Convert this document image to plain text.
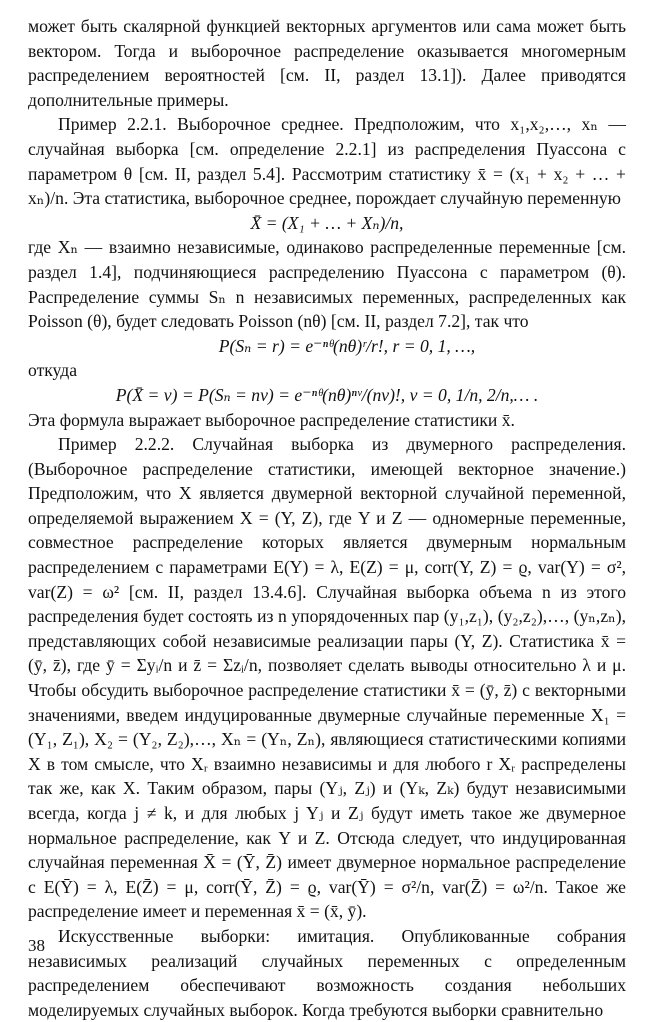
может быть скалярной функцией векторных аргументов или сама может быть вектором. Тогда и выборочное распределение оказывается многомерным распределением вероятностей [см. II, раздел 13.1]). Далее приводятся дополнительные примеры.

Пример 2.2.1. Выборочное среднее. Предположим, что x₁,x₂,…, xₙ — случайная выборка [см. определение 2.2.1] из распределения Пуассона с параметром θ [см. II, раздел 5.4]. Рассмотрим статистику x̄ = (x₁ + x₂ + … + xₙ)/n. Эта статистика, выборочное среднее, порождает случайную переменную

X̄ = (X₁ + … + Xₙ)/n,

где Xₙ — взаимно независимые, одинаково распределенные переменные [см. раздел 1.4], подчиняющиеся распределению Пуассона с параметром (θ). Распределение суммы Sₙ n независимых переменных, распределенных как Poisson (θ), будет следовать Poisson (nθ) [см. II, раздел 7.2], так что

P(Sₙ = r) = e⁻ⁿᶿ(nθ)ʳ/r!, r = 0, 1, …,

откуда

P(X̄ = ν) = P(Sₙ = nν) = e⁻ⁿᶿ(nθ)ⁿᵛ/(nν)!, ν = 0, 1/n, 2/n,… .

Эта формула выражает выборочное распределение статистики x̄.

Пример 2.2.2. Случайная выборка из двумерного распределения. (Выборочное распределение статистики, имеющей векторное значение.) Предположим, что X является двумерной векторной случайной переменной, определяемой выражением X = (Y, Z), где Y и Z — одномерные переменные, совместное распределение которых является двумерным нормальным распределением с параметрами E(Y) = λ, E(Z) = μ, corr(Y, Z) = ϱ, var(Y) = σ², var(Z) = ω² [см. II, раздел 13.4.6]. Случайная выборка объема n из этого распределения будет состоять из n упорядоченных пар (y₁,z₁), (y₂,z₂),…, (yₙ,zₙ), представляющих собой независимые реализации пары (Y, Z). Статистика x̄ = (ȳ, z̄), где ȳ = Σyᵢ/n и z̄ = Σzᵢ/n, позволяет сделать выводы относительно λ и μ. Чтобы обсудить выборочное распределение статистики x̄ = (ȳ, z̄) с векторными значениями, введем индуцированные двумерные случайные переменные X₁ = (Y₁, Z₁), X₂ = (Y₂, Z₂),…, Xₙ = (Yₙ, Zₙ), являющиеся статистическими копиями X в том смысле, что Xᵣ взаимно независимы и для любого r Xᵣ распределены так же, как X. Таким образом, пары (Yⱼ, Zⱼ) и (Yₖ, Zₖ) будут независимыми всегда, когда j ≠ k, и для любых j Yⱼ и Zⱼ будут иметь такое же двумерное нормальное распределение, как Y и Z. Отсюда следует, что индуцированная случайная переменная X̄ = (Ȳ, Z̄) имеет двумерное нормальное распределение с E(Ȳ) = λ, E(Z̄) = μ, corr(Ȳ, Z̄) = ϱ, var(Ȳ) = σ²/n, var(Z̄) = ω²/n. Такое же распределение имеет и переменная x̄ = (x̄, ȳ).

Искусственные выборки: имитация. Опубликованные собрания независимых реализаций случайных переменных с определенным распределением обеспечивают возможность создания небольших моделируемых случайных выборок. Когда требуются выборки сравнительно

38
